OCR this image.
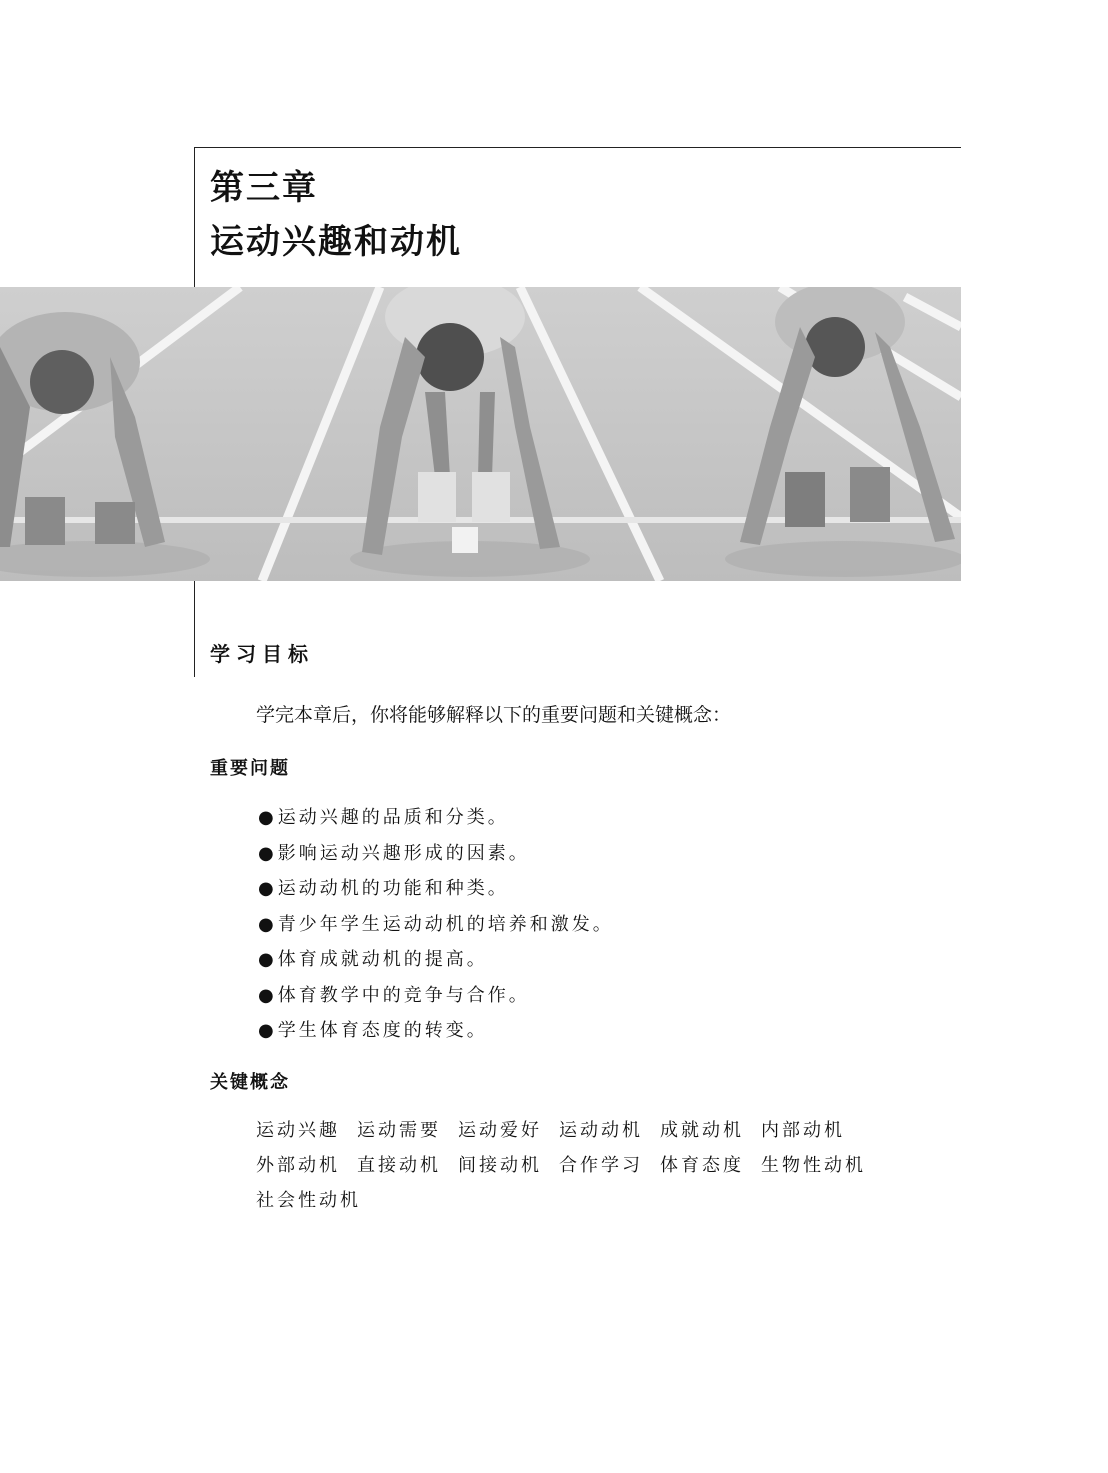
第三章
运动兴趣和动机
学习目标

学完本章后，你将能够解释以下的重要问题和关键概念：

重要问题
● 运动兴趣的品质和分类。
● 影响运动兴趣形成的因素。
● 运动动机的功能和种类。
● 青少年学生运动动机的培养和激发。
● 体育成就动机的提高。
● 体育教学中的竞争与合作。
● 学生体育态度的转变。
关键概念
运动兴趣 运动需要 运动爱好 运动动机 成就动机 内部动机
外部动机 直接动机 间接动机 合作学习 体育态度 生物性动机
社会性动机
